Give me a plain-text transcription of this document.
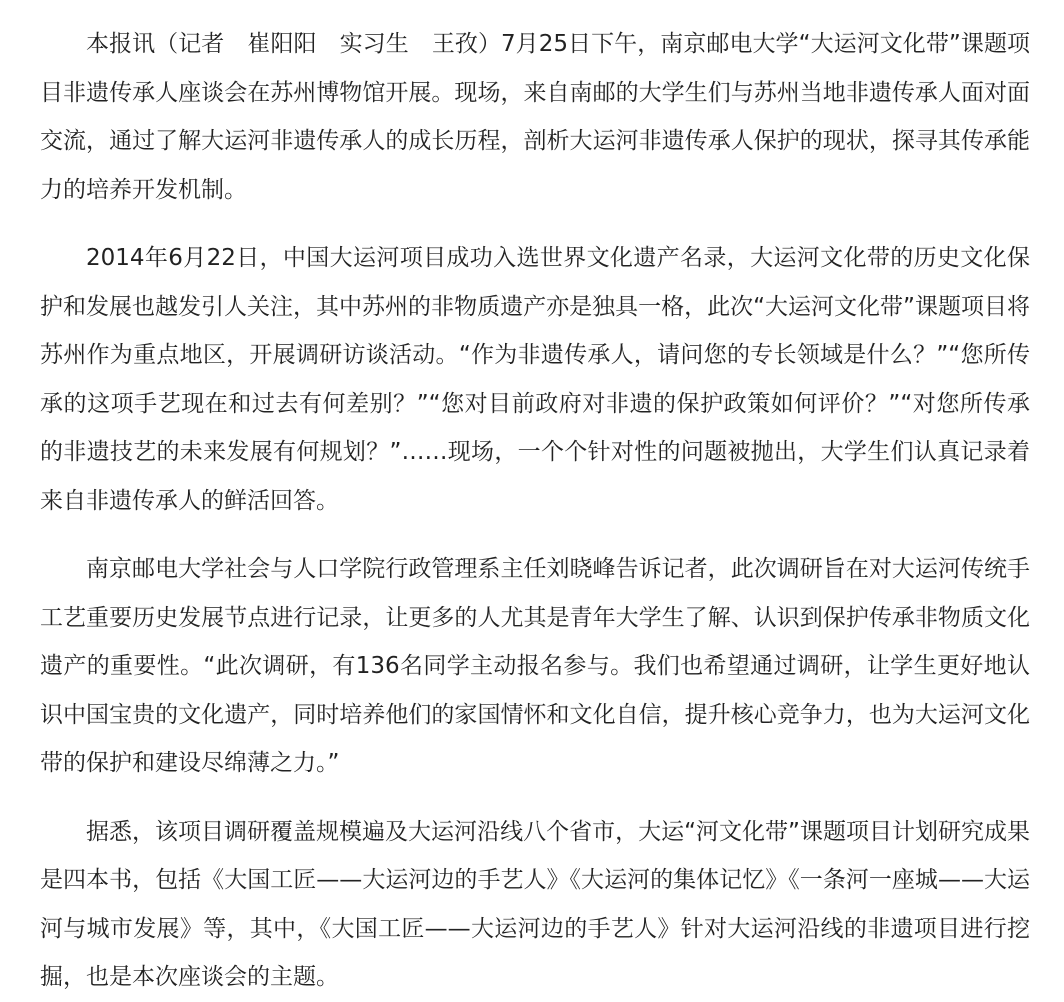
本报讯（记者　崔阳阳　实习生　王孜）7月25日下午，南京邮电大学“大运河文化带”课题项目非遗传承人座谈会在苏州博物馆开展。现场，来自南邮的大学生们与苏州当地非遗传承人面对面交流，通过了解大运河非遗传承人的成长历程，剖析大运河非遗传承人保护的现状，探寻其传承能力的培养开发机制。

2014年6月22日，中国大运河项目成功入选世界文化遗产名录，大运河文化带的历史文化保护和发展也越发引人关注，其中苏州的非物质遗产亦是独具一格，此次“大运河文化带”课题项目将苏州作为重点地区，开展调研访谈活动。“作为非遗传承人，请问您的专长领域是什么？”“您所传承的这项手艺现在和过去有何差别？”“您对目前政府对非遗的保护政策如何评价？”“对您所传承的非遗技艺的未来发展有何规划？”……现场，一个个针对性的问题被抛出，大学生们认真记录着来自非遗传承人的鲜活回答。

南京邮电大学社会与人口学院行政管理系主任刘晓峰告诉记者，此次调研旨在对大运河传统手工艺重要历史发展节点进行记录，让更多的人尤其是青年大学生了解、认识到保护传承非物质文化遗产的重要性。“此次调研，有136名同学主动报名参与。我们也希望通过调研，让学生更好地认识中国宝贵的文化遗产，同时培养他们的家国情怀和文化自信，提升核心竞争力，也为大运河文化带的保护和建设尽绵薄之力。”

据悉，该项目调研覆盖规模遍及大运河沿线八个省市，大运“河文化带”课题项目计划研究成果是四本书，包括《大国工匠——大运河边的手艺人》《大运河的集体记忆》《一条河一座城——大运河与城市发展》等，其中，《大国工匠——大运河边的手艺人》针对大运河沿线的非遗项目进行挖掘，也是本次座谈会的主题。
